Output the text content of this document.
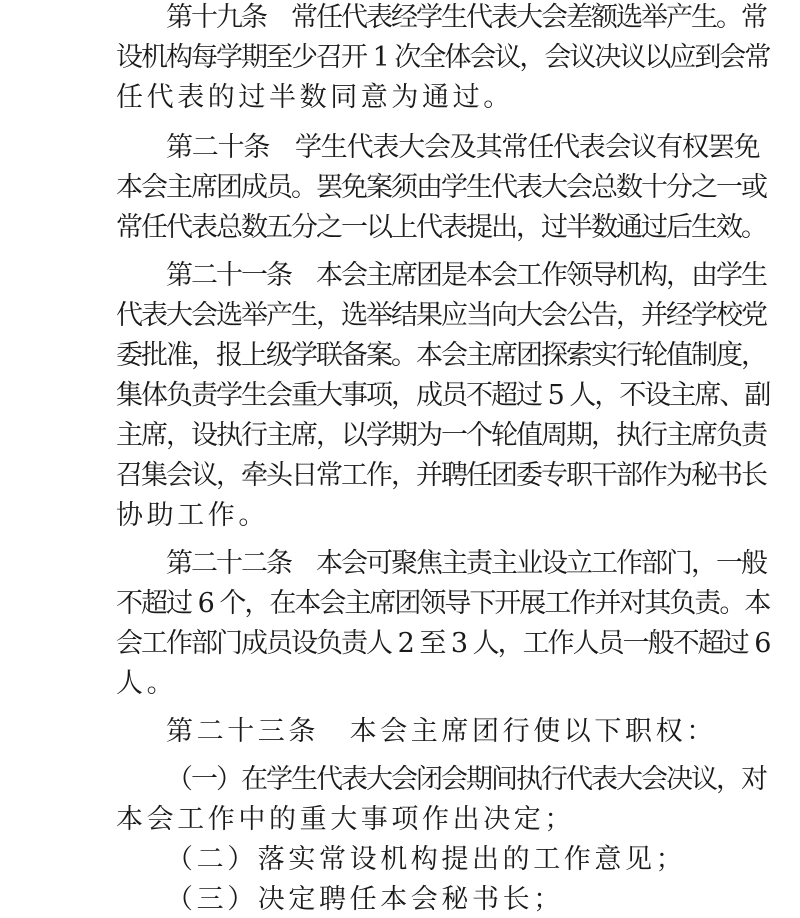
第十九条　常任代表经学生代表大会差额选举产生。常
设机构每学期至少召开 1 次全体会议，会议决议以应到会常
任代表的过半数同意为通过。
第二十条　学生代表大会及其常任代表会议有权罢免
本会主席团成员。罢免案须由学生代表大会总数十分之一或
常任代表总数五分之一以上代表提出，过半数通过后生效。
第二十一条　本会主席团是本会工作领导机构，由学生
代表大会选举产生，选举结果应当向大会公告，并经学校党
委批准，报上级学联备案。本会主席团探索实行轮值制度，
集体负责学生会重大事项，成员不超过 5 人，不设主席、副
主席，设执行主席，以学期为一个轮值周期，执行主席负责
召集会议，牵头日常工作，并聘任团委专职干部作为秘书长
协助工作。
第二十二条　本会可聚焦主责主业设立工作部门，一般
不超过 6 个，在本会主席团领导下开展工作并对其负责。本
会工作部门成员设负责人 2 至 3 人，工作人员一般不超过 6
人。
第二十三条　本会主席团行使以下职权：
（一）在学生代表大会闭会期间执行代表大会决议，对
本会工作中的重大事项作出决定；
（二）落实常设机构提出的工作意见；
（三）决定聘任本会秘书长；
